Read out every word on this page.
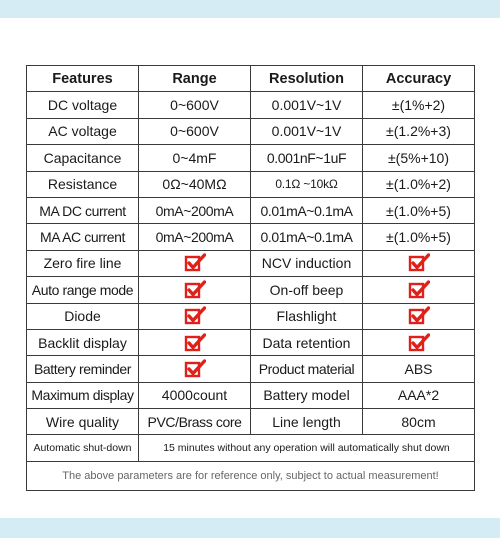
Features	Range	Resolution	Accuracy
DC voltage	0~600V	0.001V~1V	±(1%+2)
AC voltage	0~600V	0.001V~1V	±(1.2%+3)
Capacitance	0~4mF	0.001nF~1uF	±(5%+10)
Resistance	0Ω~40MΩ	0.1Ω ~10kΩ	±(1.0%+2)
MA DC current	0mA~200mA	0.01mA~0.1mA	±(1.0%+5)
MA AC current	0mA~200mA	0.01mA~0.1mA	±(1.0%+5)
Zero fire line		NCV induction	
Auto range mode		On-off beep	
Diode		Flashlight	
Backlit display		Data retention	
Battery reminder		Product material	ABS
Maximum display	4000count	Battery model	AAA*2
Wire quality	PVC/Brass core	Line length	80cm
Automatic shut-down	15 minutes without any operation will automatically shut down		
The above parameters are for reference only, subject to actual measurement!			
